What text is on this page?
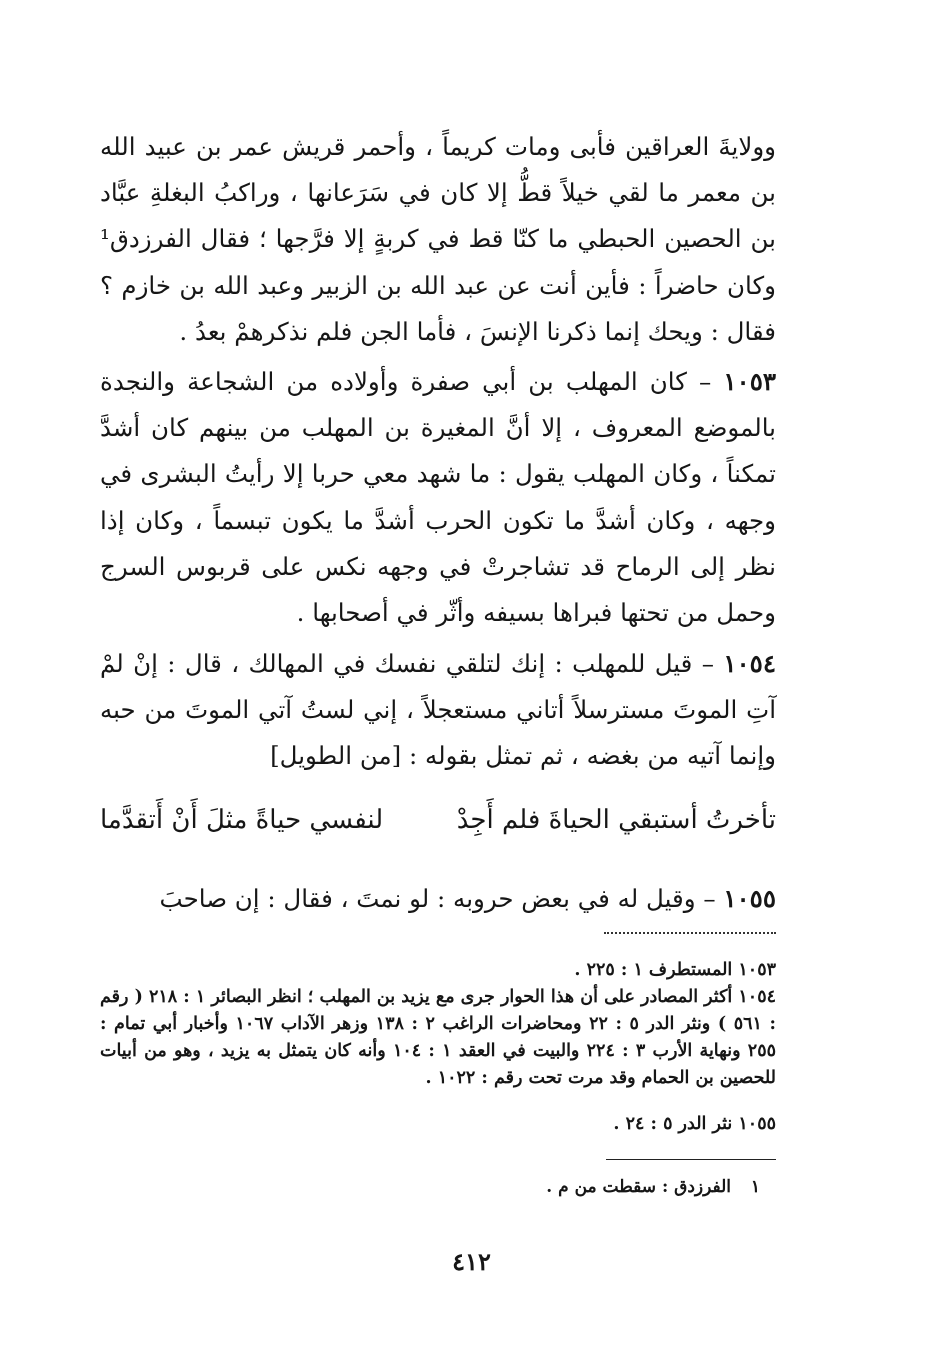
وولايةَ العراقين فأبى ومات كريماً ، وأحمر قريش عمر بن عبيد الله بن معمر ما لقي خيلاً قطُّ إلا كان في سَرَعانها ، وراكبُ البغلةِ عبَّاد بن الحصين الحبطي ما كنّا قط في كربةٍ إلا فرَّجها ؛ فقال الفرزدق¹ وكان حاضراً : فأين أنت عن عبد الله بن الزبير وعبد الله بن خازم ؟ فقال : ويحك إنما ذكرنا الإنسَ ، فأما الجن فلم نذكرهمْ بعدُ .

١٠٥٣ – كان المهلب بن أبي صفرة وأولاده من الشجاعة والنجدة بالموضع المعروف ، إلا أنَّ المغيرة بن المهلب من بينهم كان أشدَّ تمكناً ، وكان المهلب يقول : ما شهد معي حربا إلا رأيتُ البشرى في وجهه ، وكان أشدَّ ما تكون الحرب أشدَّ ما يكون تبسماً ، وكان إذا نظر إلى الرماح قد تشاجرتْ في وجهه نكس على قربوس السرج وحمل من تحتها فبراها بسيفه وأثّر في أصحابها .

١٠٥٤ – قيل للمهلب : إنك لتلقي نفسك في المهالك ، قال : إنْ لمْ آتِ الموتَ مسترسلاً أتاني مستعجلاً ، إني لستُ آتي الموتَ من حبه وإنما آتيه من بغضه ، ثم تمثل بقوله : [من الطويل]

تأخرتُ أستبقي الحياةَ فلم أَجِدْ
لنفسي حياةً مثلَ أَنْ أَتقدَّما

١٠٥٥ – وقيل له في بعض حروبه : لو نمتَ ، فقال : إن صاحبَ

١٠٥٣ المستطرف ١ : ٢٢٥ .

١٠٥٤ أكثر المصادر على أن هذا الحوار جرى مع يزيد بن المهلب ؛ انظر البصائر ١ : ٢١٨ ( رقم : ٥٦١ ) ونثر الدر ٥ : ٢٢ ومحاضرات الراغب ٢ : ١٣٨ وزهر الآداب ١٠٦٧ وأخبار أبي تمام : ٢٥٥ ونهاية الأرب ٣ : ٢٢٤ والبيت في العقد ١ : ١٠٤ وأنه كان يتمثل به يزيد ، وهو من أبيات للحصين بن الحمام وقد مرت تحت رقم : ١٠٢٢ .

١٠٥٥ نثر الدر ٥ : ٢٤ .

١
الفرزدق : سقطت من م .
٤١٢
